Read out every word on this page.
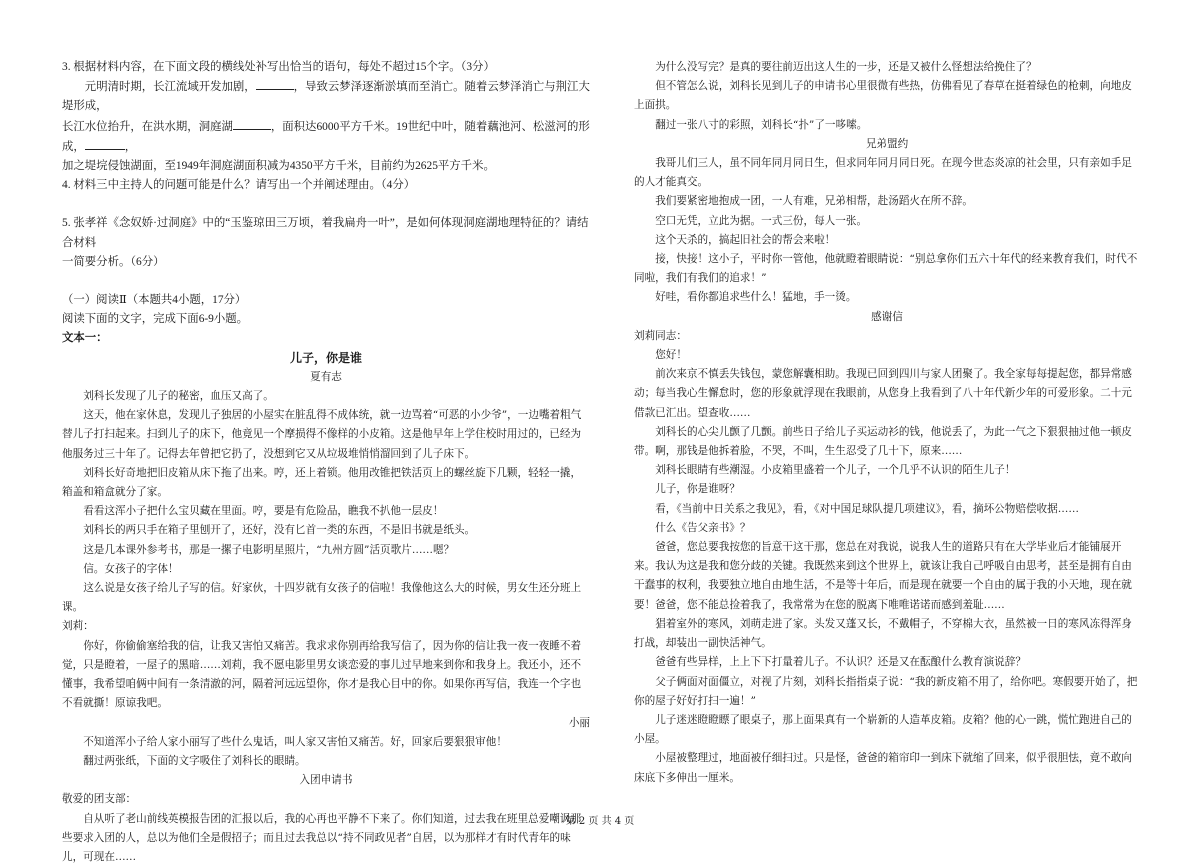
3. 根据材料内容，在下面文段的横线处补写出恰当的语句，每处不超过15个字。（3分）

元明清时期，长江流域开发加剧，	，导致云梦泽逐渐淤填而至消亡。随着云梦泽消亡与荆江大堤形成，

长江水位抬升，在洪水期，洞庭湖	，面积达6000平方千米。19世纪中叶，随着藕池河、松滋河的形成，	，

加之堤垸侵蚀湖面，至1949年洞庭湖面积减为4350平方千米，目前约为2625平方千米。

4. 材料三中主持人的问题可能是什么？请写出一个并阐述理由。（4分）

5. 张孝祥《念奴娇·过洞庭》中的“玉鉴琼田三万顷，着我扁舟一叶”，是如何体现洞庭湖地理特征的？请结合材料

一简要分析。（6分）

（一）阅读Ⅱ（本题共4小题，17分）

阅读下面的文字，完成下面6-9小题。

文本一：

儿子，你是谁

夏有志

刘科长发现了儿子的秘密，血压又高了。

这天，他在家休息，发现儿子独居的小屋实在脏乱得不成体统，就一边骂着“可恶的小少爷”，一边嘴着粗气替儿子打扫起来。扫到儿子的床下，他竟见一个摩损得不像样的小皮箱。这是他早年上学住校时用过的，已经为他服务过三十年了。记得去年曾把它扔了，没想到它又从垃圾堆悄悄溜回到了儿子床下。

刘科长好奇地把旧皮箱从床下拖了出来。哼，还上着锁。他用改锥把铁活页上的螺丝旋下几颗，轻轻一撬，箱盖和箱盒就分了家。

看看这浑小子把什么宝贝藏在里面。哼，要是有危险品，瞧我不扒他一层皮！

刘科长的两只手在箱子里刨开了，还好，没有匕首一类的东西，不是旧书就是纸头。

这是几本课外参考书，那是一摞子电影明星照片，“九州方圆”活页歌片……嗯？

信。女孩子的字体！

这么说是女孩子给儿子写的信。好家伙，十四岁就有女孩子的信啦！我像他这么大的时候，男女生还分班上课。

刘莉：

你好，你偷偷塞给我的信，让我又害怕又痛苦。我求求你别再给我写信了，因为你的信让我一夜一夜睡不着觉，只是瞪着，一屋子的黑暗……刘莉，我不愿电影里男女谈恋爱的事儿过早地来到你和我身上。我还小，还不懂事，我希望咱俩中间有一条清澈的河，隔着河远远望你，你才是我心目中的你。如果你再写信，我连一个字也不看就撕！原谅我吧。

小丽

不知道浑小子给人家小丽写了些什么鬼话，叫人家又害怕又痛苦。好，回家后要狠狠审他！

翻过两张纸，下面的文字吸住了刘科长的眼睛。

入团申请书

敬爱的团支部：

自从听了老山前线英模报告团的汇报以后，我的心再也平静不下来了。你们知道，过去我在班里总爱嘲讽那些要求入团的人，总以为他们全是假招子；而且过去我总以“持不同政见者”自居，以为那样才有时代青年的味儿，可现在……

为什么没写完？是真的要往前迈出这人生的一步，还是又被什么怪想法给挽住了？

但不管怎么说，刘科长见到儿子的申请书心里很微有些热，仿佛看见了春草在挺着绿色的枪刺，向地皮上面拱。

翻过一张八寸的彩照，刘科长“扑”了一哆嗦。

兄弟盟约

我哥儿们三人，虽不同年同月同日生，但求同年同月同日死。在现今世态炎凉的社会里，只有亲如手足的人才能真交。

我们要紧密地抱成一团，一人有难，兄弟相帮，赴汤蹈火在所不辞。

空口无凭，立此为据。一式三份，每人一张。

这个天杀的，搞起旧社会的帮会来啦！

接，快接！这小子，平时你一管他，他就瞪着眼睛说：“别总拿你们五六十年代的经来教育我们，时代不同啦，我们有我们的追求！”

好哇，看你都追求些什么！猛地，手一烫。

感谢信

刘莉同志：

您好！

前次来京不慎丢失钱包，蒙您解囊相助。我现已回到四川与家人团聚了。我全家每每提起您，都异常感动；每当我心生懈怠时，您的形象就浮现在我眼前，从您身上我看到了八十年代新少年的可爱形象。二十元借款已汇出。望查收……

刘科长的心尖儿颤了几颤。前些日子给儿子买运动衫的钱，他说丢了，为此一气之下狠狠抽过他一顿皮带。啊，那钱是他拆着脸，不哭，不叫，生生忍受了几十下，原来……

刘科长眼睛有些潮湿。小皮箱里盛着一个儿子，一个几乎不认识的陌生儿子！

儿子，你是谁呀？

看，《当前中日关系之我见》，看，《对中国足球队提几项建议》，看，摘坏公物赔偿收据……

什么《告父亲书》？

爸爸，您总要我按您的旨意干这干那，您总在对我说，说我人生的道路只有在大学毕业后才能铺展开来。我认为这是我和您分歧的关键。我既然来到这个世界上，就该让我自己呼吸自由思考，甚至是拥有自由干蠢事的权利，我要独立地自由地生活，不是等十年后，而是现在就要一个自由的属于我的小天地，现在就要！爸爸，您不能总捡着我了，我常常为在您的脱离下唯唯诺诺而感到羞耻……

猖着室外的寒风，刘萌走进了家。头发又蓬又长，不戴帽子，不穿棉大衣，虽然被一日的寒风冻得浑身打战，却装出一副快活神气。

爸爸有些异样，上上下下打量着儿子。不认识？还是又在酝酿什么教育演说辞？

父子俩面对面僵立，对视了片刻，刘科长指指桌子说：“我的新皮箱不用了，给你吧。寒假要开始了，把你的屋子好好打扫一遍！”

儿子迷迷瞪瞪瞟了眼桌子，那上面果真有一个崭新的人造革皮箱。皮箱？他的心一跳，慌忙跑进自己的小屋。

小屋被整理过，地面被仔细扫过。只是怪，爸爸的箱帘印一到床下就缩了回来，似乎很胆怯，竟不敢向床底下多伸出一厘米。

第 2 页 共 4 页
